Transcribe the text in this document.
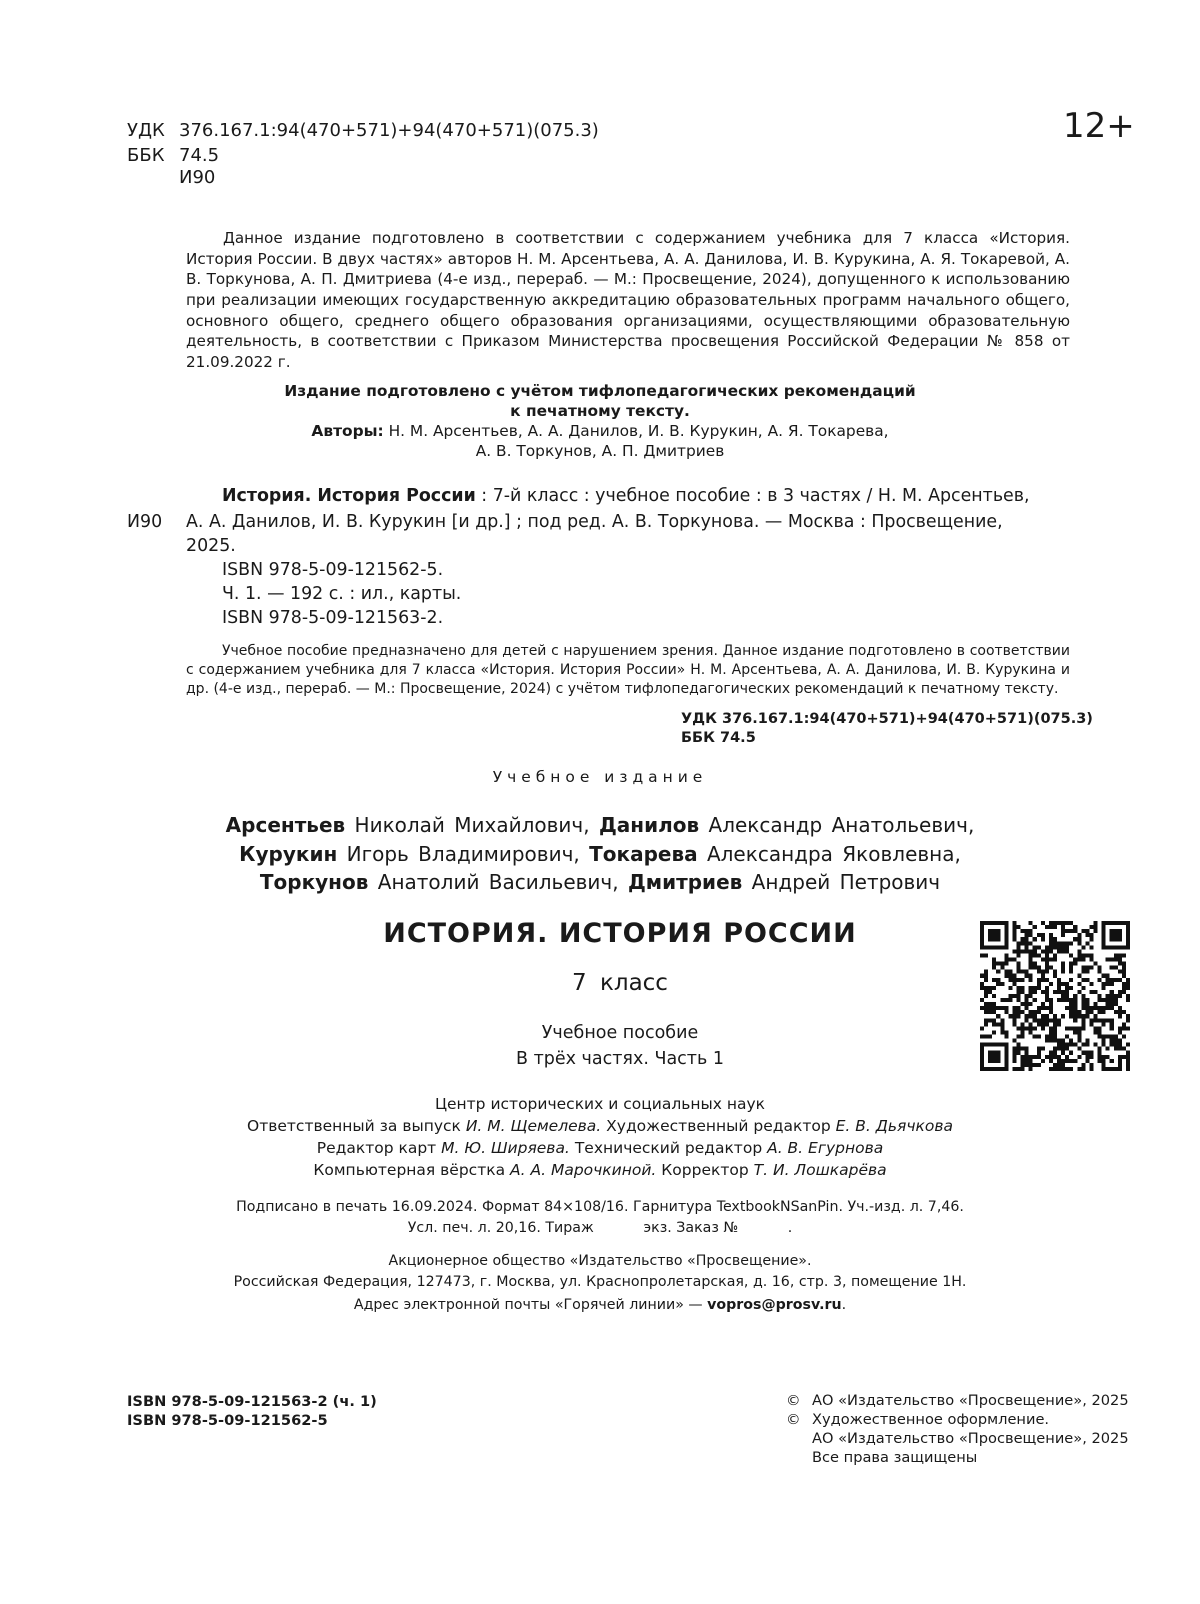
УДК 376.167.1:94(470+571)+94(470+571)(075.3)
ББК 74.5
И90
12+

Данное издание подготовлено в соответствии с содержанием учебника для 7 класса «История. История России. В двух частях» авторов Н. М. Арсентьева, А. А. Данилова, И. В. Курукина, А. Я. Токаревой, А. В. Торкунова, А. П. Дмитриева (4-е изд., перераб. — М.: Просвещение, 2024), допущенного к использованию при реализации имеющих государственную аккредитацию образовательных программ начального общего, основного общего, среднего общего образования организациями, осуществляющими образовательную деятельность, в соответствии с Приказом Министерства просвещения Российской Федерации № 858 от 21.09.2022 г.

Издание подготовлено с учётом тифлопедагогических рекомендаций
к печатному тексту.
Авторы: Н. М. Арсентьев, А. А. Данилов, И. В. Курукин, А. Я. Токарева,
А. В. Торкунов, А. П. Дмитриев
История. История России : 7-й класс : учебное пособие : в 3 частях / Н. М. Арсентьев,
И90 А. А. Данилов, И. В. Курукин [и др.] ; под ред. А. В. Торкунова. — Москва : Просвещение,
2025.
ISBN 978-5-09-121562-5.
Ч. 1. — 192 с. : ил., карты.
ISBN 978-5-09-121563-2.

Учебное пособие предназначено для детей с нарушением зрения. Данное издание подготовлено в соответствии с содержанием учебника для 7 класса «История. История России» Н. М. Арсентьева, А. А. Данилова, И. В. Курукина и др. (4-е изд., перераб. — М.: Просвещение, 2024) с учётом тифлопедагогических рекомендаций к печатному тексту.

УДК 376.167.1:94(470+571)+94(470+571)(075.3)
ББК 74.5
Учебное издание
Арсентьев Николай Михайлович, Данилов Александр Анатольевич,
Курукин Игорь Владимирович, Токарева Александра Яковлевна,
Торкунов Анатолий Васильевич, Дмитриев Андрей Петрович
ИСТОРИЯ. ИСТОРИЯ РОССИИ
7 класс
Учебное пособие
В трёх частях. Часть 1
Центр исторических и социальных наук
Ответственный за выпуск И. М. Щемелева. Художественный редактор Е. В. Дьячкова
Редактор карт М. Ю. Ширяева. Технический редактор А. В. Егурнова
Компьютерная вёрстка А. А. Марочкиной. Корректор Т. И. Лошкарёва
Подписано в печать 16.09.2024. Формат 84×108/16. Гарнитура TextbookNSanPin. Уч.-изд. л. 7,46.
Усл. печ. л. 20,16. Тираж           экз. Заказ №           .
Акционерное общество «Издательство «Просвещение».
Российская Федерация, 127473, г. Москва, ул. Краснопролетарская, д. 16, стр. 3, помещение 1Н.
Адрес электронной почты «Горячей линии» — vopros@prosv.ru.
ISBN 978-5-09-121563-2 (ч. 1)
ISBN 978-5-09-121562-5
© АО «Издательство «Просвещение», 2025
© Художественное оформление.
АО «Издательство «Просвещение», 2025
Все права защищены
